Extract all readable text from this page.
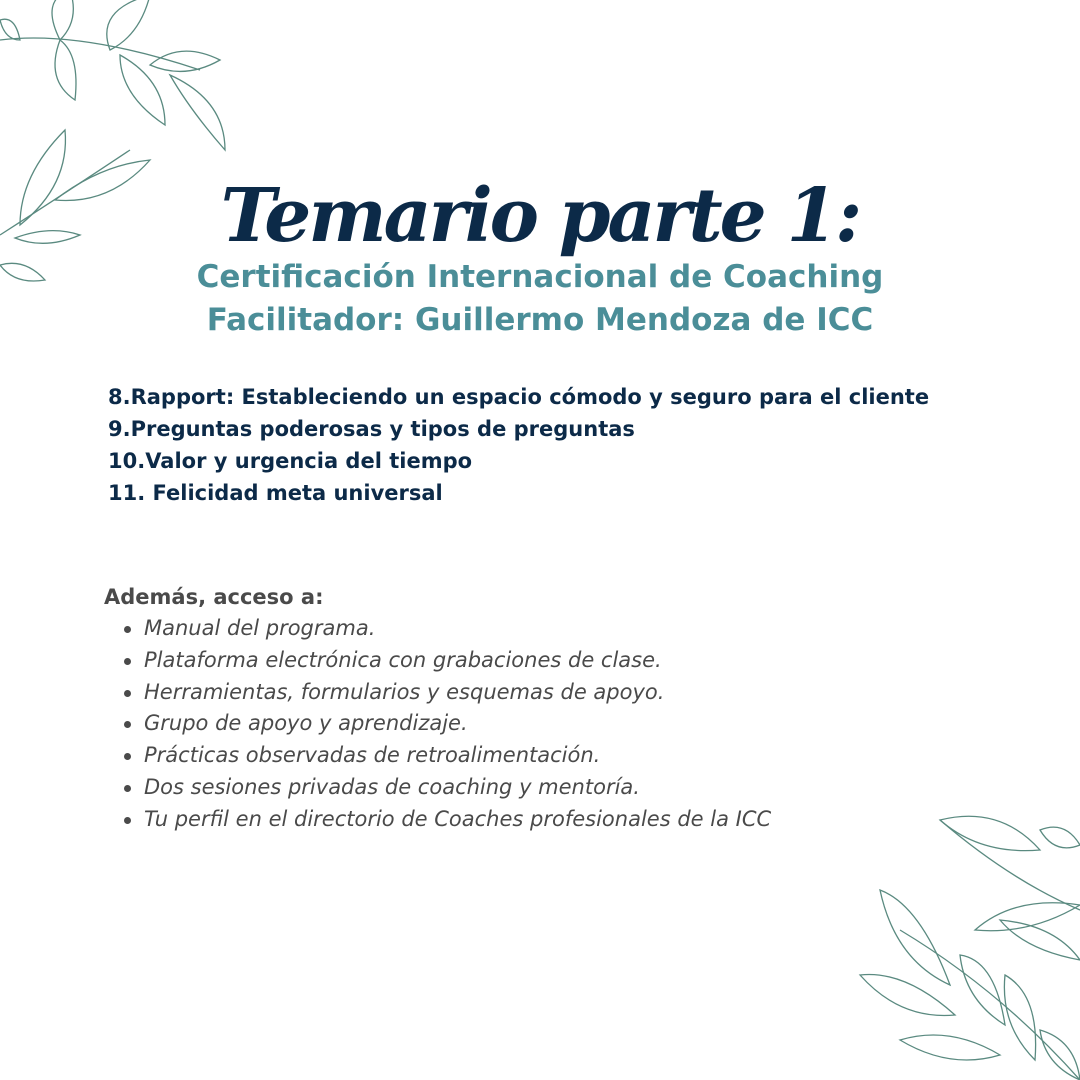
Temario parte 1:
Certificación Internacional de Coaching
Facilitador: Guillermo Mendoza de ICC
8.Rapport: Estableciendo un espacio cómodo y seguro para el cliente
9.Preguntas poderosas y tipos de preguntas
10.Valor y urgencia del tiempo
11. Felicidad meta universal

Además, acceso a:

Manual del programa.
Plataforma electrónica con grabaciones de clase.
Herramientas, formularios y esquemas de apoyo.
Grupo de apoyo y aprendizaje.
Prácticas observadas de retroalimentación.
Dos sesiones privadas de coaching y mentoría.
Tu perfil en el directorio de Coaches profesionales de la ICC
